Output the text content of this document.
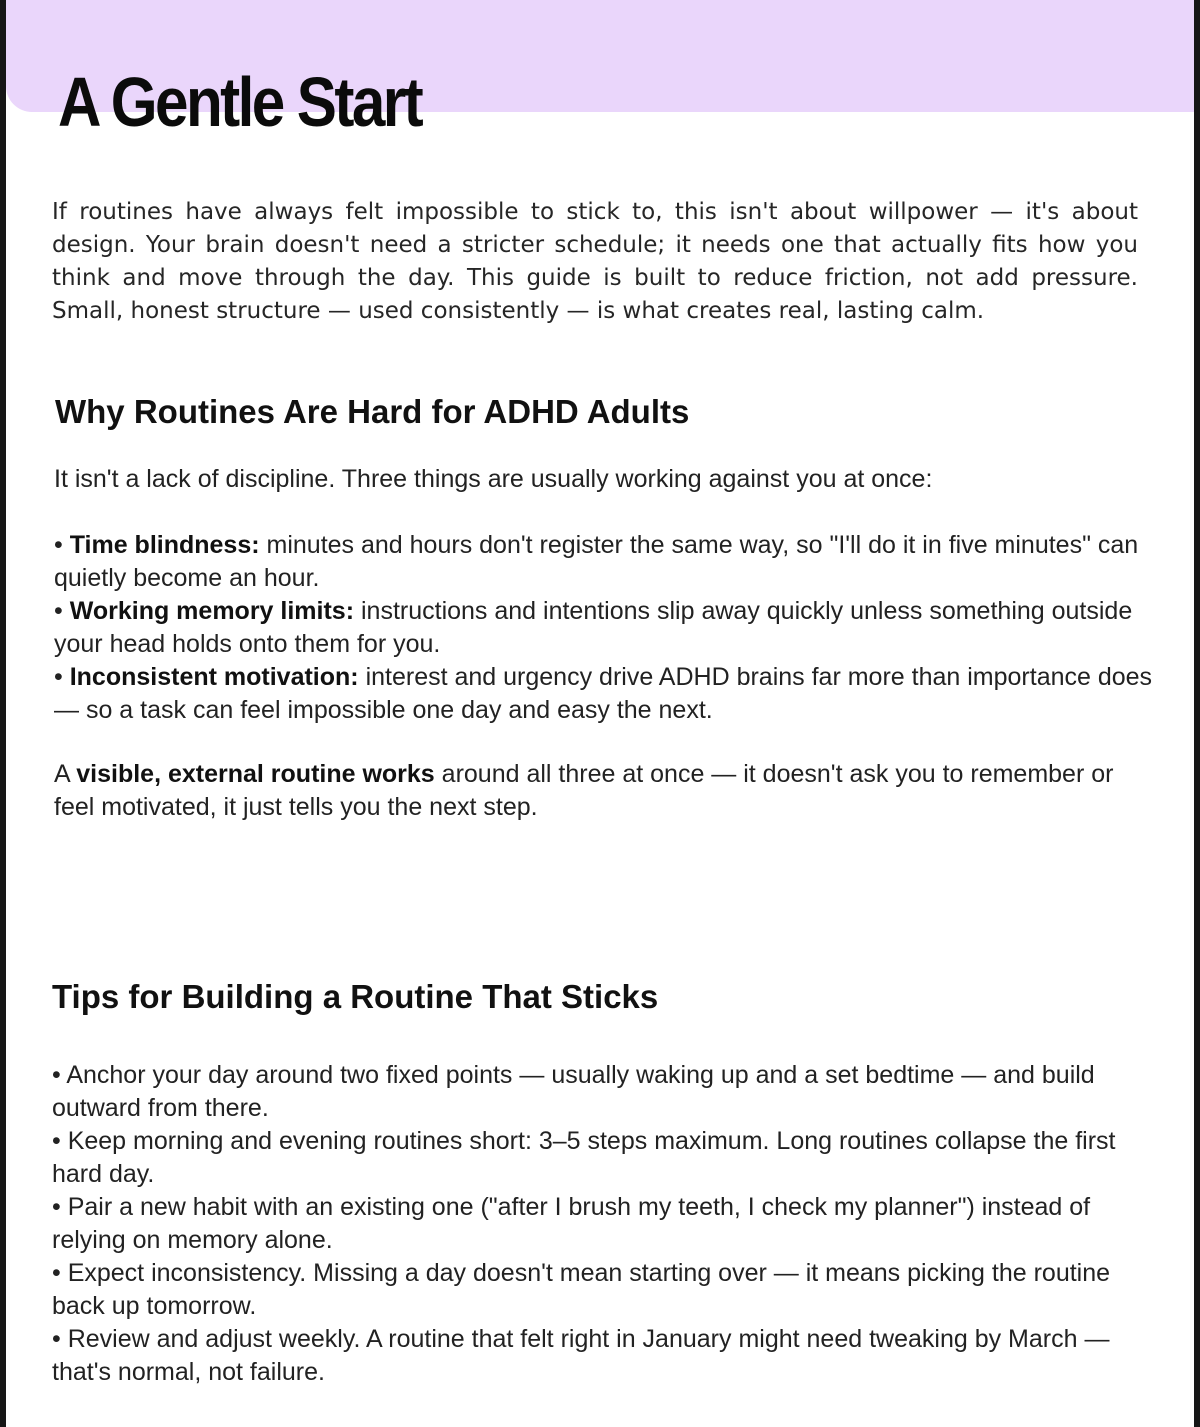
A Gentle Start

If routines have always felt impossible to stick to, this isn't about willpower — it's about design. Your brain doesn't need a stricter schedule; it needs one that actually fits how you think and move through the day. This guide is built to reduce friction, not add pressure. Small, honest structure — used consistently — is what creates real, lasting calm.

Why Routines Are Hard for ADHD Adults

It isn't a lack of discipline. Three things are usually working against you at once:

• Time blindness: minutes and hours don't register the same way, so "I'll do it in five minutes" can quietly become an hour.

• Working memory limits: instructions and intentions slip away quickly unless something outside your head holds onto them for you.

• Inconsistent motivation: interest and urgency drive ADHD brains far more than importance does — so a task can feel impossible one day and easy the next.

A visible, external routine works around all three at once — it doesn't ask you to remember or feel motivated, it just tells you the next step.

Tips for Building a Routine That Sticks

• Anchor your day around two fixed points — usually waking up and a set bedtime — and build outward from there.

• Keep morning and evening routines short: 3–5 steps maximum. Long routines collapse the first hard day.

• Pair a new habit with an existing one ("after I brush my teeth, I check my planner") instead of relying on memory alone.

• Expect inconsistency. Missing a day doesn't mean starting over — it means picking the routine back up tomorrow.

• Review and adjust weekly. A routine that felt right in January might need tweaking by March — that's normal, not failure.
